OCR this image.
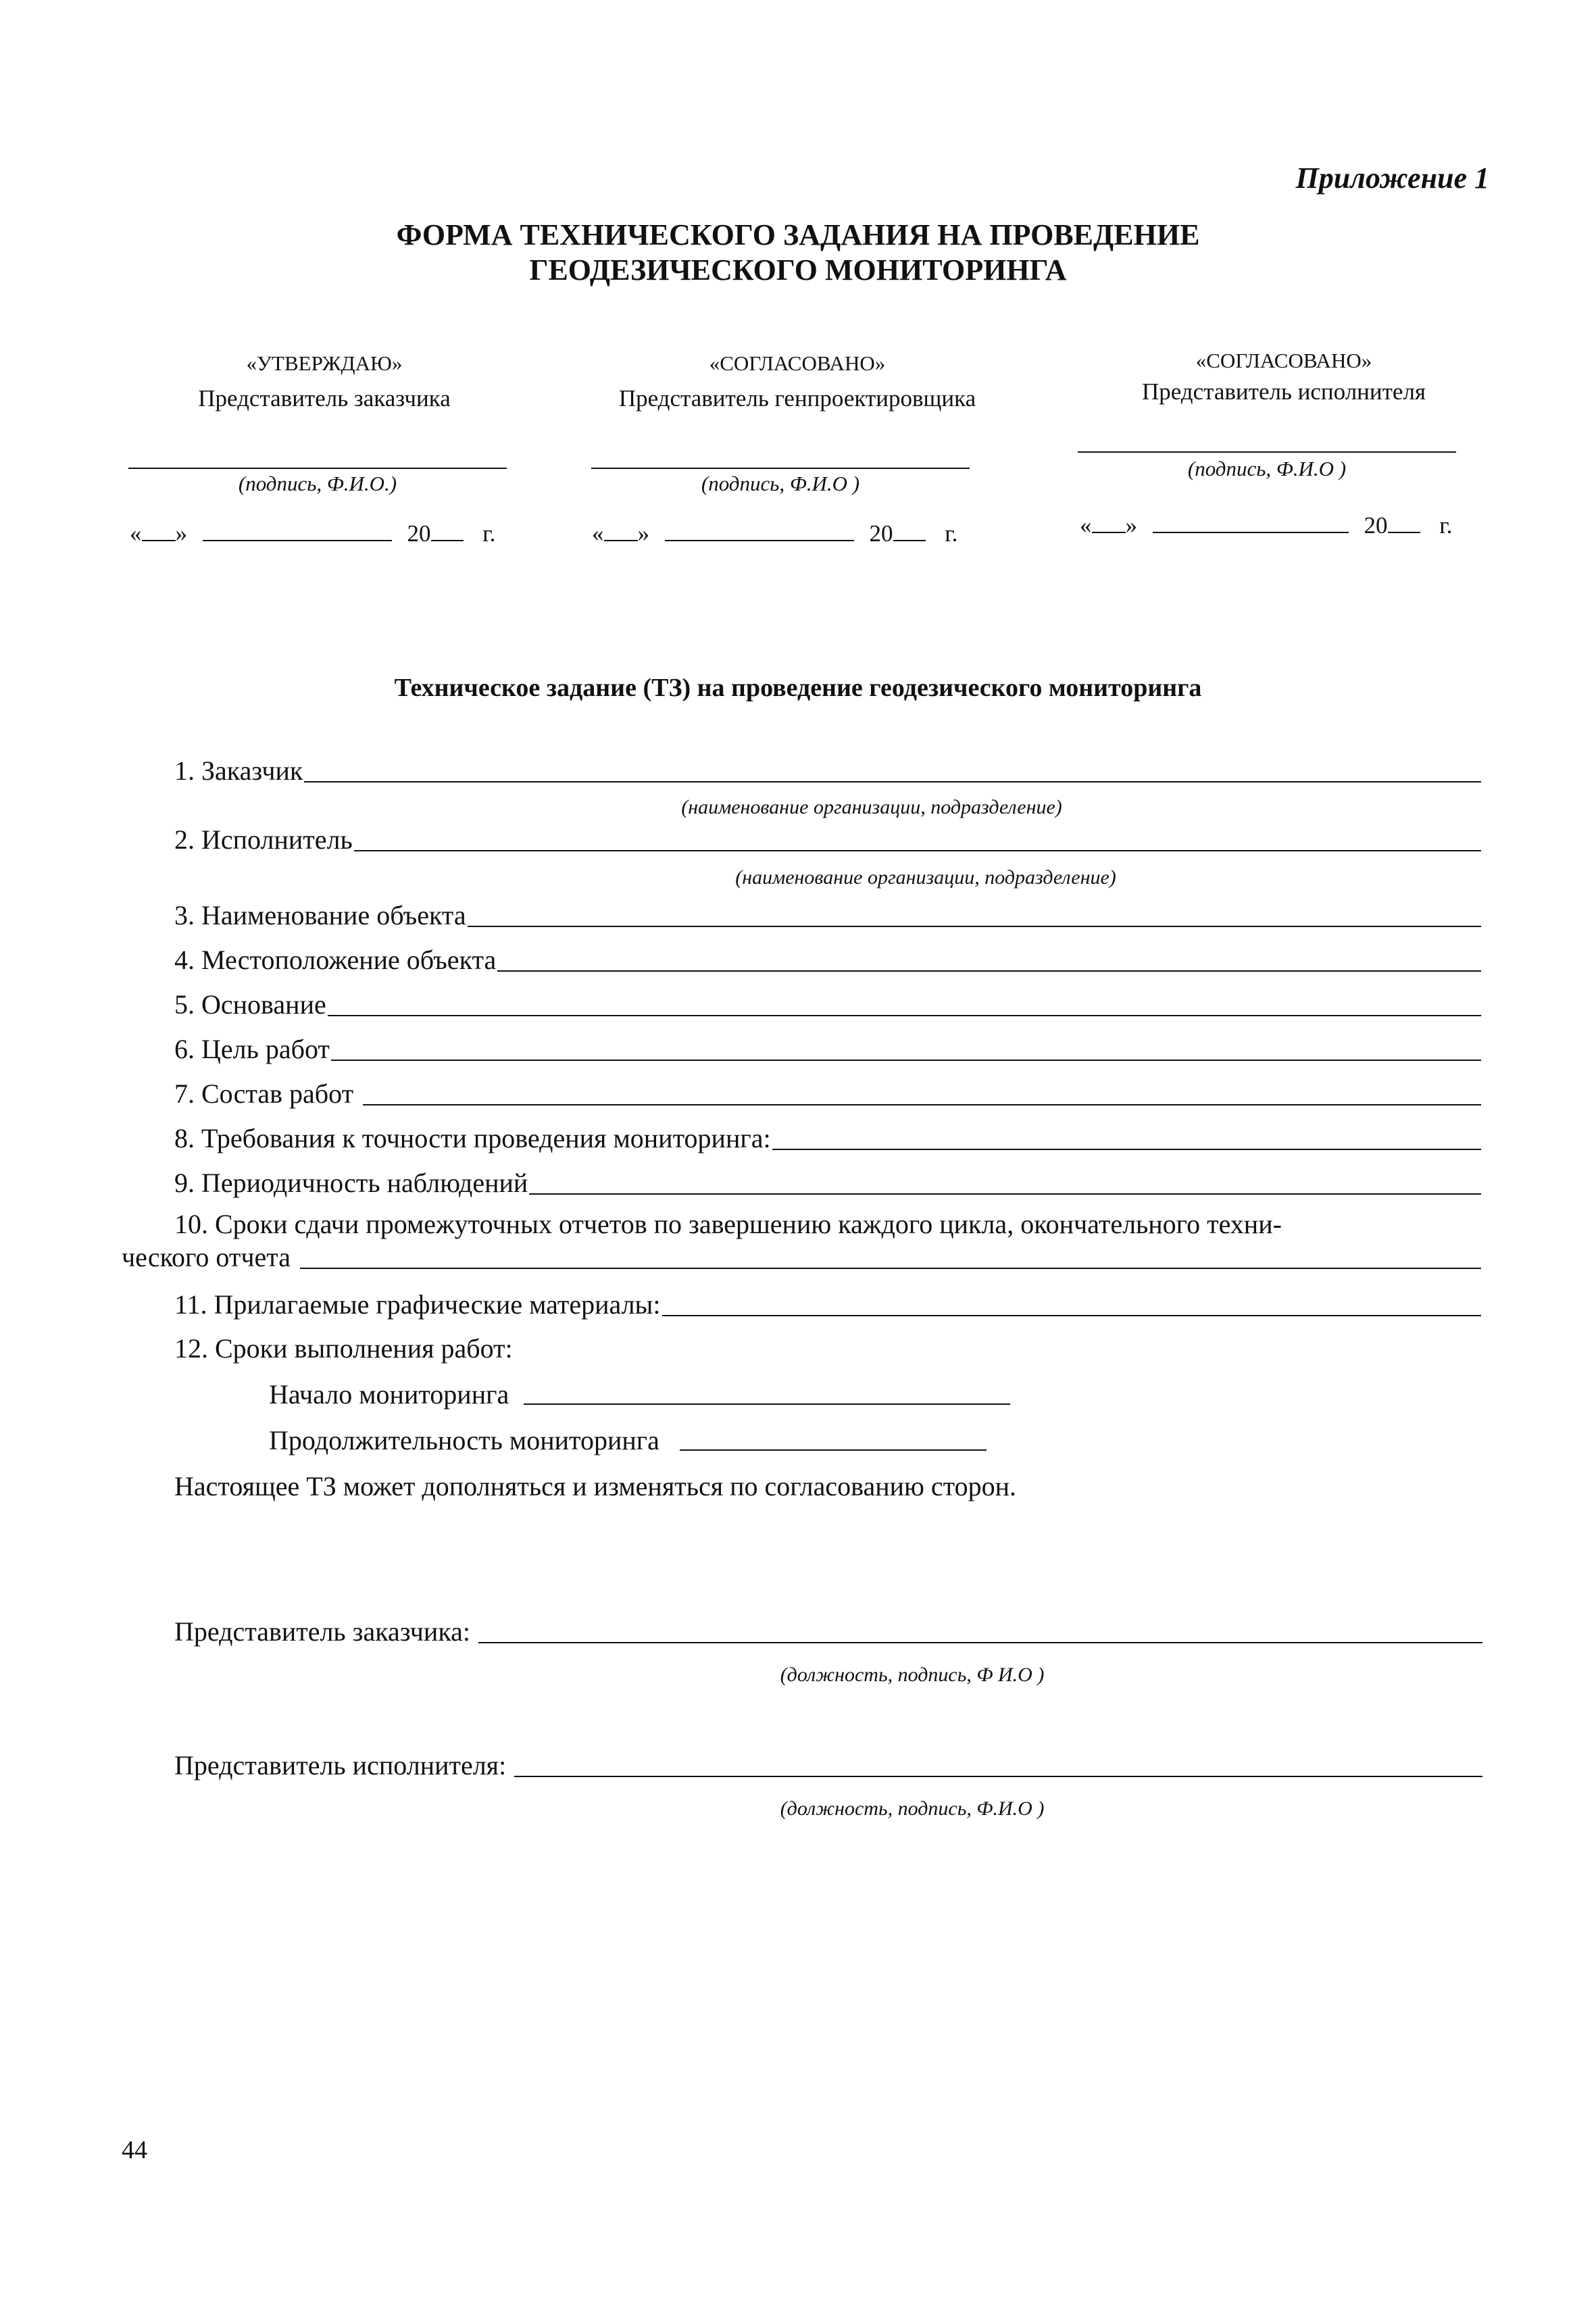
Приложение 1
ФОРМА ТЕХНИЧЕСКОГО ЗАДАНИЯ НА ПРОВЕДЕНИЕ
ГЕОДЕЗИЧЕСКОГО МОНИТОРИНГА
«УТВЕРЖДАЮ»
Представитель заказчика
(подпись, Ф.И.О.)
«СОГЛАСОВАНО»
Представитель генпроектировщика
(подпись, Ф.И.О )
«СОГЛАСОВАНО»
Представитель исполнителя
(подпись, Ф.И.О )
« »	20 г.	« »	20 г.	« »	20 г.
Техническое задание (ТЗ) на проведение геодезического мониторинга
1. Заказчик
(наименование организации, подразделение)
2. Исполнитель
(наименование организации, подразделение)
3. Наименование объекта
4. Местоположение объекта
5. Основание
6. Цель работ
7. Состав работ
8. Требования к точности проведения мониторинга:
9. Периодичность наблюдений
10. Сроки сдачи промежуточных отчетов по завершению каждого цикла, окончательного техни-
ческого отчета
11. Прилагаемые графические материалы:
12. Сроки выполнения работ:
Начало мониторинга
Продолжительность мониторинга
Настоящее ТЗ может дополняться и изменяться по согласованию сторон.
Представитель заказчика:
(должность, подпись, Ф И.О )
Представитель исполнителя:
(должность, подпись, Ф.И.О )
44
